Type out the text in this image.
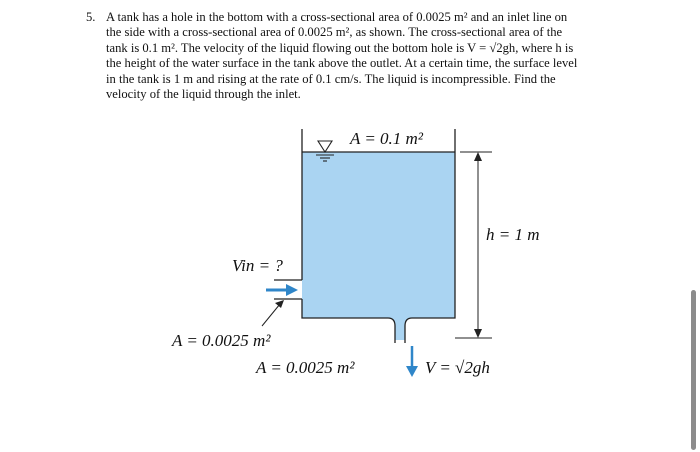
5. A tank has a hole in the bottom with a cross-sectional area of 0.0025 m² and an inlet line on
the side with a cross-sectional area of 0.0025 m², as shown. The cross-sectional area of the
tank is 0.1 m². The velocity of the liquid flowing out the bottom hole is V = √2gh, where h is
the height of the water surface in the tank above the outlet. At a certain time, the surface level
in the tank is 1 m and rising at the rate of 0.1 cm/s. The liquid is incompressible. Find the
velocity of the liquid through the inlet.
A = 0.1 m²
h = 1 m
Vin = ?
A = 0.0025 m²
A = 0.0025 m²	V = √2gh
